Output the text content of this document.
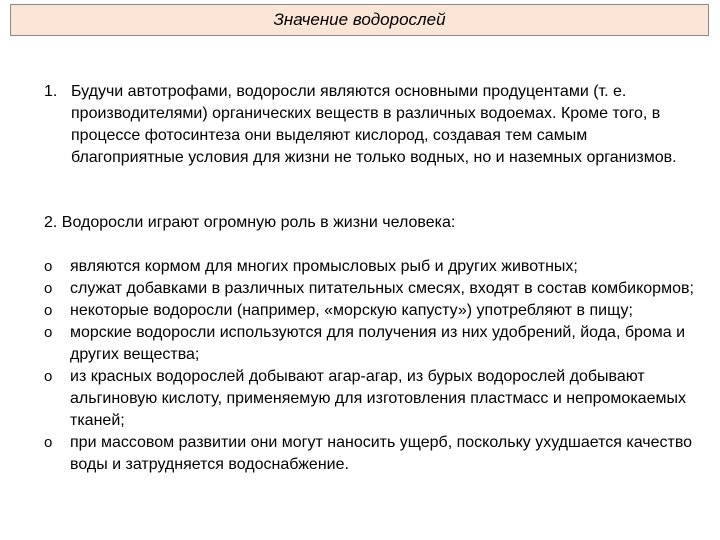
Значение водорослей
1. Будучи автотрофами, водоросли являются основными продуцентами (т. е. производителями) органических веществ в различных водоемах. Кроме того, в процессе фотосинтеза они выделяют кислород, создавая тем самым благоприятные условия для жизни не только водных, но и наземных организмов.
2. Водоросли играют огромную роль в жизни человека:
o являются кормом для многих промысловых рыб и других животных;
o служат добавками в различных питательных смесях, входят в состав комбикормов;
o некоторые водоросли (например, «морскую капусту») употребляют в пищу;
o морские водоросли используются для получения из них удобрений, йода, брома и других вещества;
o из красных водорослей добывают агар-агар, из бурых водорослей добывают альгиновую кислоту, применяемую для изготовления пластмасс и непромокаемых тканей;
o при массовом развитии они могут наносить ущерб, поскольку ухудшается качество воды и затрудняется водоснабжение.
